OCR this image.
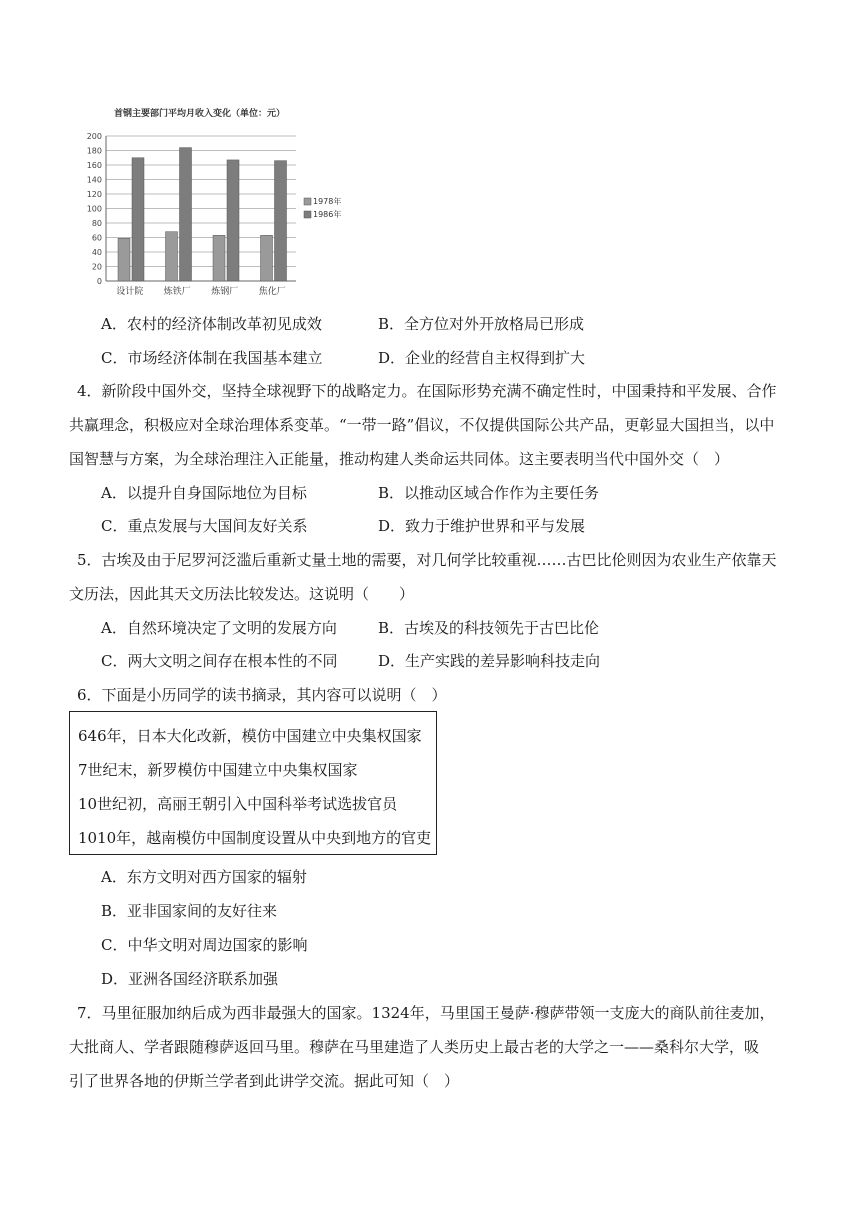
0
20
40
60
80
100
120
140
160
180
200
设计院 炼铁厂 炼钢厂 焦化厂
1978年
1986年
首钢主要部门平均月收入变化（单位：元）
A．农村的经济体制改革初见成效	B．全方位对外开放格局已形成
C．市场经济体制在我国基本建立	D．企业的经营自主权得到扩大
4．新阶段中国外交，坚持全球视野下的战略定力。在国际形势充满不确定性时，中国秉持和平发展、合作
共赢理念，积极应对全球治理体系变革。“一带一路”倡议，不仅提供国际公共产品，更彰显大国担当，以中
国智慧与方案，为全球治理注入正能量，推动构建人类命运共同体。这主要表明当代中国外交（　）
A．以提升自身国际地位为目标	B．以推动区域合作作为主要任务
C．重点发展与大国间友好关系	D．致力于维护世界和平与发展
5．古埃及由于尼罗河泛滥后重新丈量土地的需要，对几何学比较重视……古巴比伦则因为农业生产依靠天
文历法，因此其天文历法比较发达。这说明（　　）
A．自然环境决定了文明的发展方向	B．古埃及的科技领先于古巴比伦
C．两大文明之间存在根本性的不同	D．生产实践的差异影响科技走向
6．下面是小历同学的读书摘录，其内容可以说明（　）
646年，日本大化改新，模仿中国建立中央集权国家
7世纪末，新罗模仿中国建立中央集权国家
10世纪初，高丽王朝引入中国科举考试选拔官员
1010年，越南模仿中国制度设置从中央到地方的官吏
A．东方文明对西方国家的辐射
B．亚非国家间的友好往来
C．中华文明对周边国家的影响
D．亚洲各国经济联系加强
7．马里征服加纳后成为西非最强大的国家。1324年，马里国王曼萨·穆萨带领一支庞大的商队前往麦加，
大批商人、学者跟随穆萨返回马里。穆萨在马里建造了人类历史上最古老的大学之一——桑科尔大学，吸
引了世界各地的伊斯兰学者到此讲学交流。据此可知（　）
